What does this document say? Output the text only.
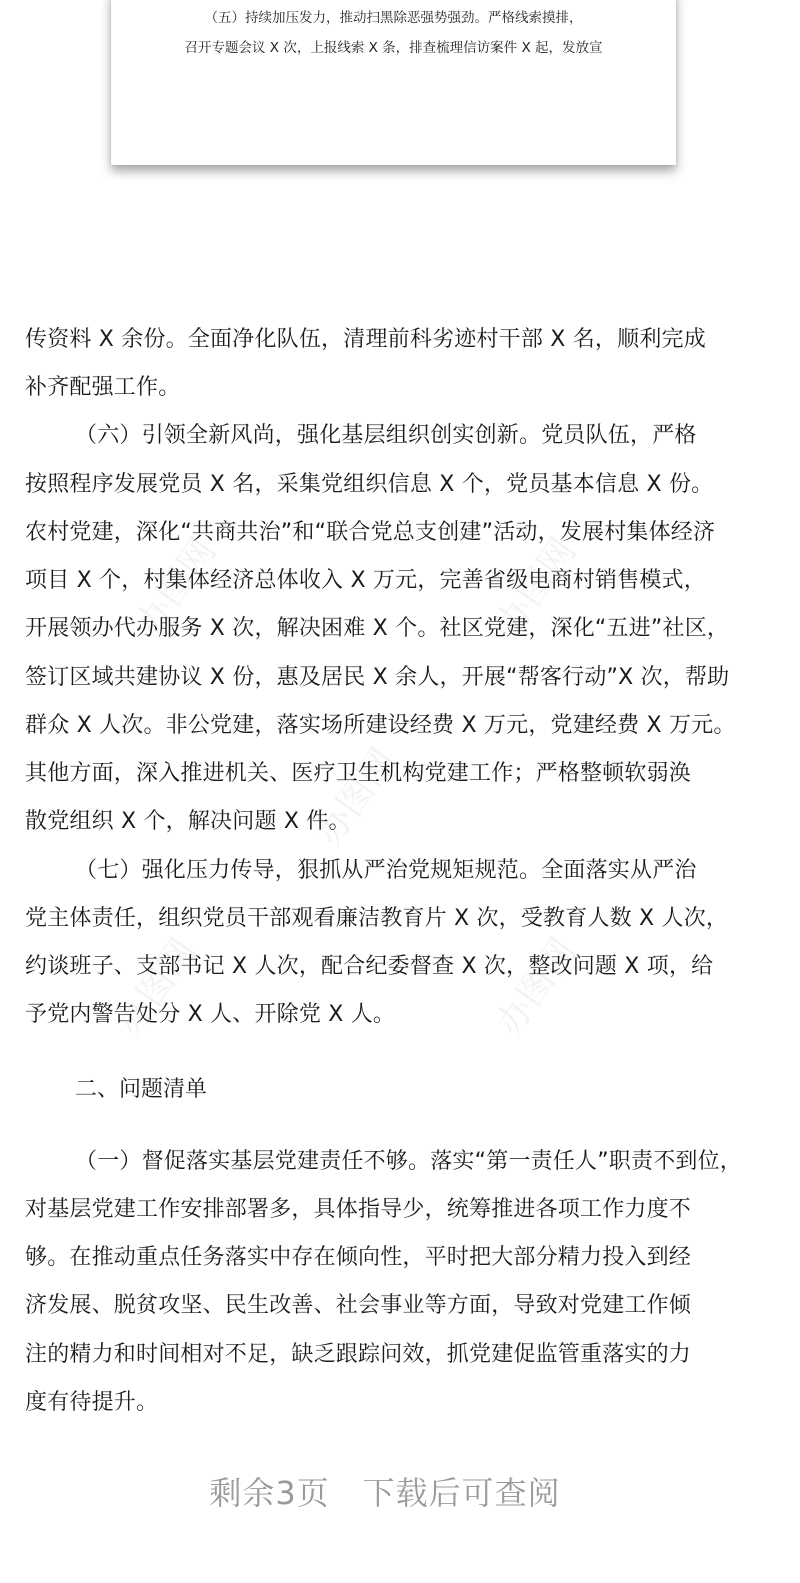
（五）持续加压发力，推动扫黑除恶强势强劲。严格线索摸排，
召开专题会议 X 次，上报线索 X 条，排查梳理信访案件 X 起，发放宣
办图网	办图网
办图网
办图网	办图网
传资料 X 余份。全面净化队伍，清理前科劣迹村干部 X 名，顺利完成
补齐配强工作。
（六）引领全新风尚，强化基层组织创实创新。党员队伍，严格
按照程序发展党员 X 名，采集党组织信息 X 个，党员基本信息 X 份。
农村党建，深化“共商共治”和“联合党总支创建”活动，发展村集体经济
项目 X 个，村集体经济总体收入 X 万元，完善省级电商村销售模式，
开展领办代办服务 X 次，解决困难 X 个。社区党建，深化“五进”社区，
签订区域共建协议 X 份，惠及居民 X 余人，开展“帮客行动”X 次，帮助
群众 X 人次。非公党建，落实场所建设经费 X 万元，党建经费 X 万元。
其他方面，深入推进机关、医疗卫生机构党建工作；严格整顿软弱涣
散党组织 X 个，解决问题 X 件。
（七）强化压力传导，狠抓从严治党规矩规范。全面落实从严治
党主体责任，组织党员干部观看廉洁教育片 X 次，受教育人数 X 人次，
约谈班子、支部书记 X 人次，配合纪委督查 X 次，整改问题 X 项，给
予党内警告处分 X 人、开除党 X 人。
二、问题清单
（一）督促落实基层党建责任不够。落实“第一责任人”职责不到位，
对基层党建工作安排部署多，具体指导少，统筹推进各项工作力度不
够。在推动重点任务落实中存在倾向性，平时把大部分精力投入到经
济发展、脱贫攻坚、民生改善、社会事业等方面，导致对党建工作倾
注的精力和时间相对不足，缺乏跟踪问效，抓党建促监管重落实的力
度有待提升。
剩余3页　下载后可查阅
